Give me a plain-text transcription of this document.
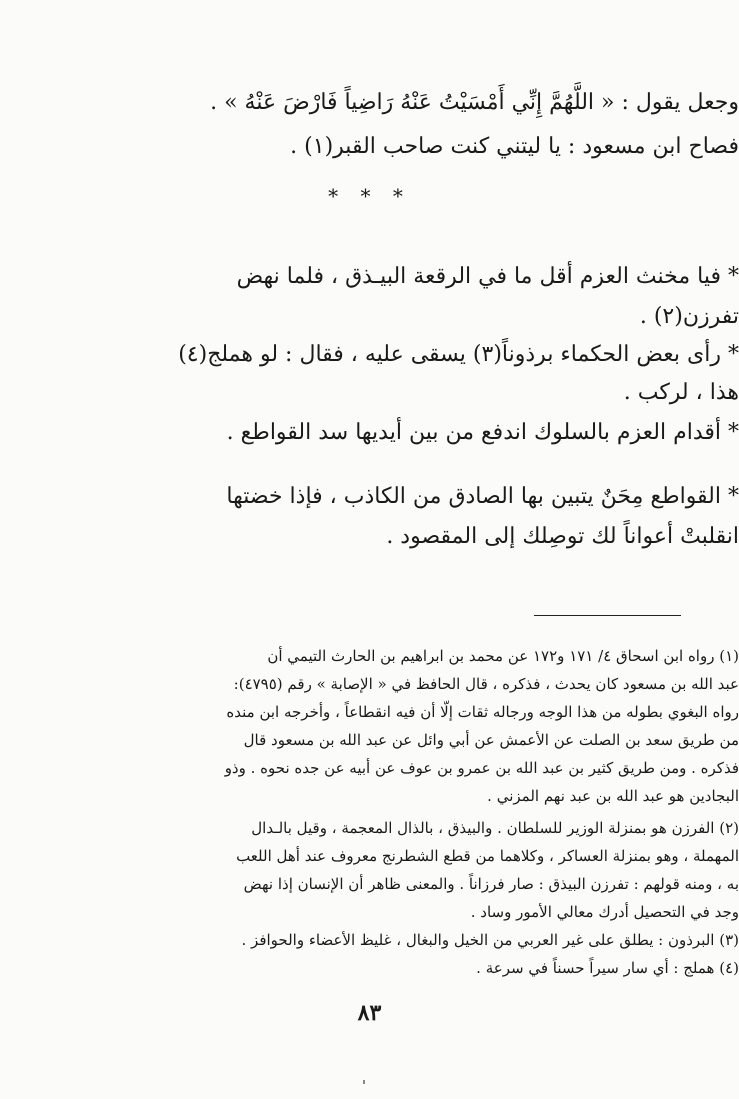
وجعل يقول : « اللَّهُمَّ إِنِّي أَمْسَيْتُ عَنْهُ رَاضِياً فَارْضَ عَنْهُ » .
فصاح ابن مسعود : يا ليتني كنت صاحب القبر(١) .
* * *
* فيا مخنث العزم أقل ما في الرقعة البيـذق ، فلما نهض
تفرزن(٢) .
* رأى بعض الحكماء برذوناً(٣) يسقى عليه ، فقال : لو هملج(٤)
هذا ، لركب .
* أقدام العزم بالسلوك اندفع من بين أيديها سد القواطع .
* القواطع مِحَنٌ يتبين بها الصادق من الكاذب ، فإذا خضتها
انقلبتْ أعواناً لك توصِلك إلى المقصود .
(١) رواه ابن اسحاق ٤/ ١٧١ و١٧٢ عن محمد بن ابراهيم بن الحارث التيمي أن
عبد الله بن مسعود كان يحدث ، فذكره ، قال الحافظ في « الإصابة » رقم (٤٧٩٥):
رواه البغوي بطوله من هذا الوجه ورجاله ثقات إلّا أن فيه انقطاعاً ، وأخرجه ابن منده
من طريق سعد بن الصلت عن الأعمش عن أبي وائل عن عبد الله بن مسعود قال
فذكره . ومن طريق كثير بن عبد الله بن عمرو بن عوف عن أبيه عن جده نحوه . وذو
البجادين هو عبد الله بن عبد نهم المزني .
(٢) الفرزن هو بمنزلة الوزير للسلطان . والبيذق ، بالذال المعجمة ، وقيل بالـدال
المهملة ، وهو بمنزلة العساكر ، وكلاهما من قطع الشطرنج معروف عند أهل اللعب
به ، ومنه قولهم : تفرزن البيذق : صار فرزاناً . والمعنى ظاهر أن الإنسان إذا نهض
وجد في التحصيل أدرك معالي الأمور وساد .
(٣) البرذون : يطلق على غير العربي من الخيل والبغال ، غليظ الأعضاء والحوافز .
(٤) هملج : أي سار سيراً حسناً في سرعة .
٨٣
